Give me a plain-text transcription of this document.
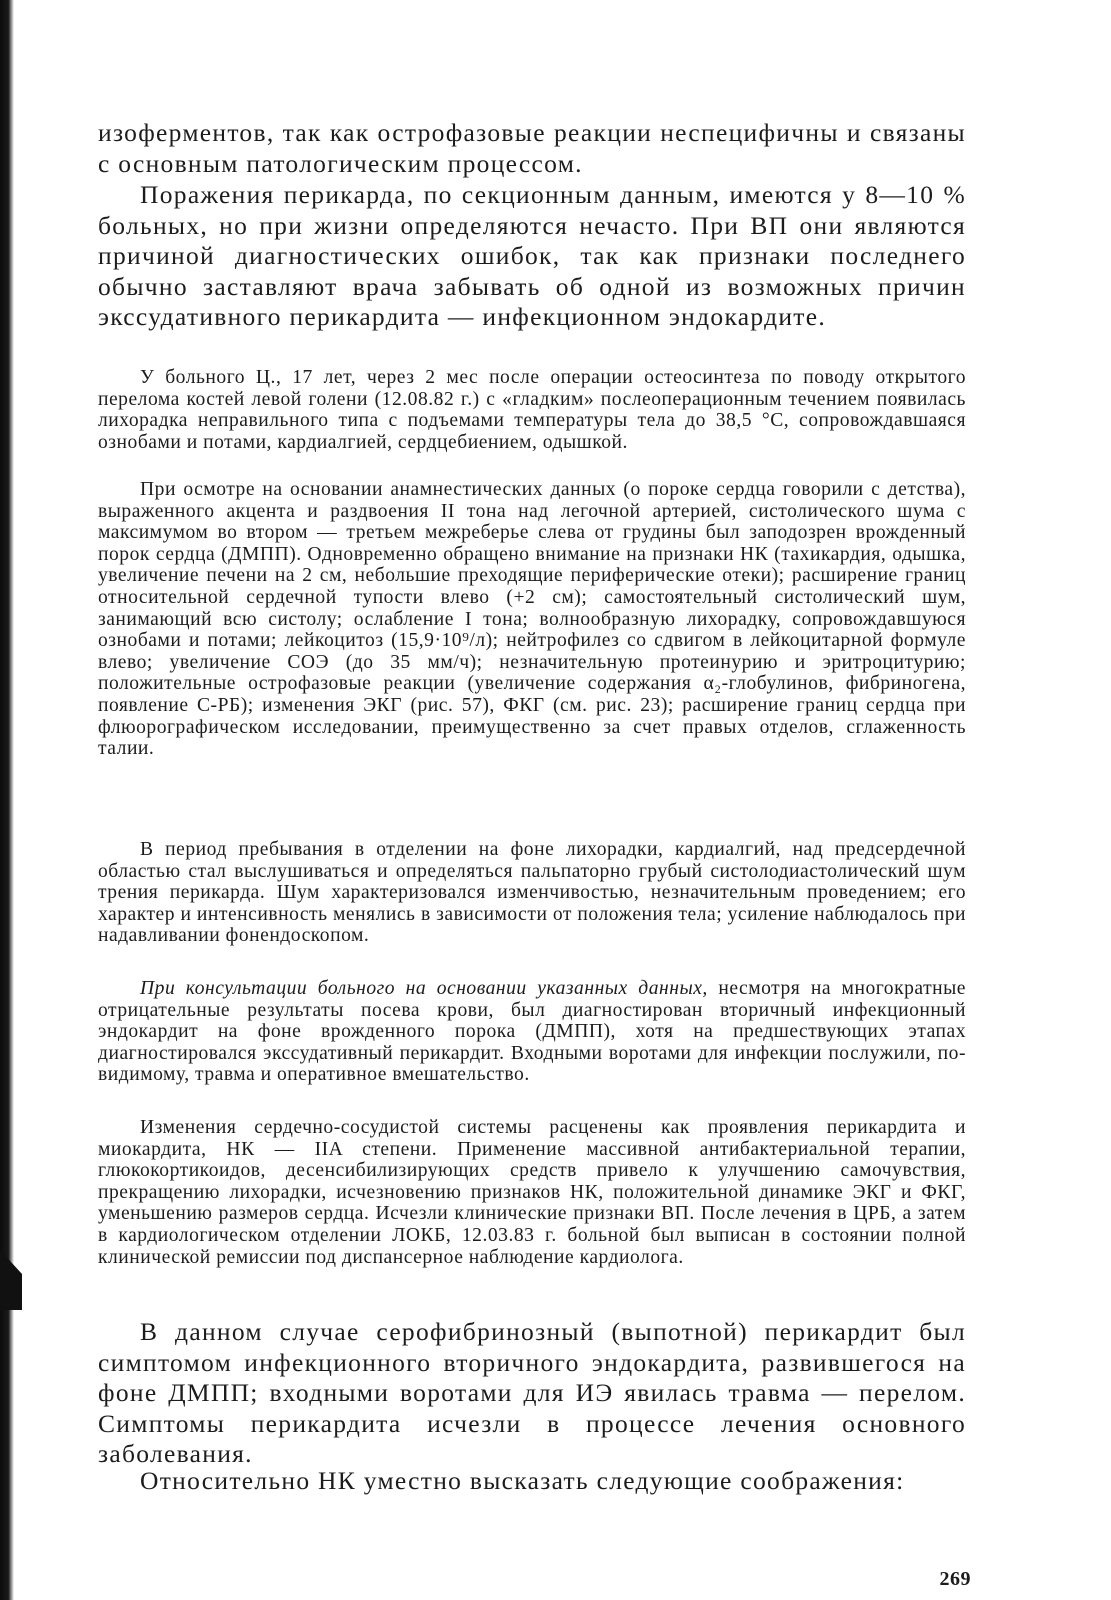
изоферментов, так как острофазовые реакции неспецифичны и связаны с основным патологическим процессом.

Поражения перикарда, по секционным данным, имеются у 8—10 % больных, но при жизни определяются нечасто. При ВП они являются причиной диагностических ошибок, так как признаки последнего обычно заставляют врача забывать об одной из возможных причин экссудативного перикардита — инфекционном эндокардите.

У больного Ц., 17 лет, через 2 мес после операции остеосинтеза по поводу открытого перелома костей левой голени (12.08.82 г.) с «гладким» послеоперационным течением появилась лихорадка неправильного типа с подъемами температуры тела до 38,5 °С, сопровождавшаяся ознобами и потами, кардиалгией, сердцебиением, одышкой.

При осмотре на основании анамнестических данных (о пороке сердца говорили с детства), выраженного акцента и раздвоения II тона над легочной артерией, систолического шума с максимумом во втором — третьем межреберье слева от грудины был заподозрен врожденный порок сердца (ДМПП). Одновременно обращено внимание на признаки НК (тахикардия, одышка, увеличение печени на 2 см, небольшие преходящие периферические отеки); расширение границ относительной сердечной тупости влево (+2 см); самостоятельный систолический шум, занимающий всю систолу; ослабление I тона; волнообразную лихорадку, сопровождавшуюся ознобами и потами; лейкоцитоз (15,9·10⁹/л); нейтрофилез со сдвигом в лейкоцитарной формуле влево; увеличение СОЭ (до 35 мм/ч); незначительную протеинурию и эритроцитурию; положительные острофазовые реакции (увеличение содержания α₂-глобулинов, фибриногена, появление С-РБ); изменения ЭКГ (рис. 57), ФКГ (см. рис. 23); расширение границ сердца при флюорографическом исследовании, преимущественно за счет правых отделов, сглаженность талии.

В период пребывания в отделении на фоне лихорадки, кардиалгий, над предсердечной областью стал выслушиваться и определяться пальпаторно грубый систолодиастолический шум трения перикарда. Шум характеризовался изменчивостью, незначительным проведением; его характер и интенсивность менялись в зависимости от положения тела; усиление наблюдалось при надавливании фонендоскопом.

При консультации больного на основании указанных данных, несмотря на многократные отрицательные результаты посева крови, был диагностирован вторичный инфекционный эндокардит на фоне врожденного порока (ДМПП), хотя на предшествующих этапах диагностировался экссудативный перикардит. Входными воротами для инфекции послужили, по-видимому, травма и оперативное вмешательство.

Изменения сердечно-сосудистой системы расценены как проявления перикардита и миокардита, НК — IIA степени. Применение массивной антибактериальной терапии, глюкокортикоидов, десенсибилизирующих средств привело к улучшению самочувствия, прекращению лихорадки, исчезновению признаков НК, положительной динамике ЭКГ и ФКГ, уменьшению размеров сердца. Исчезли клинические признаки ВП. После лечения в ЦРБ, а затем в кардиологическом отделении ЛОКБ, 12.03.83 г. больной был выписан в состоянии полной клинической ремиссии под диспансерное наблюдение кардиолога.

В данном случае серофибринозный (выпотной) перикардит был симптомом инфекционного вторичного эндокардита, развившегося на фоне ДМПП; входными воротами для ИЭ явилась травма — перелом. Симптомы перикардита исчезли в процессе лечения основного заболевания.

Относительно НК уместно высказать следующие соображения:

269
